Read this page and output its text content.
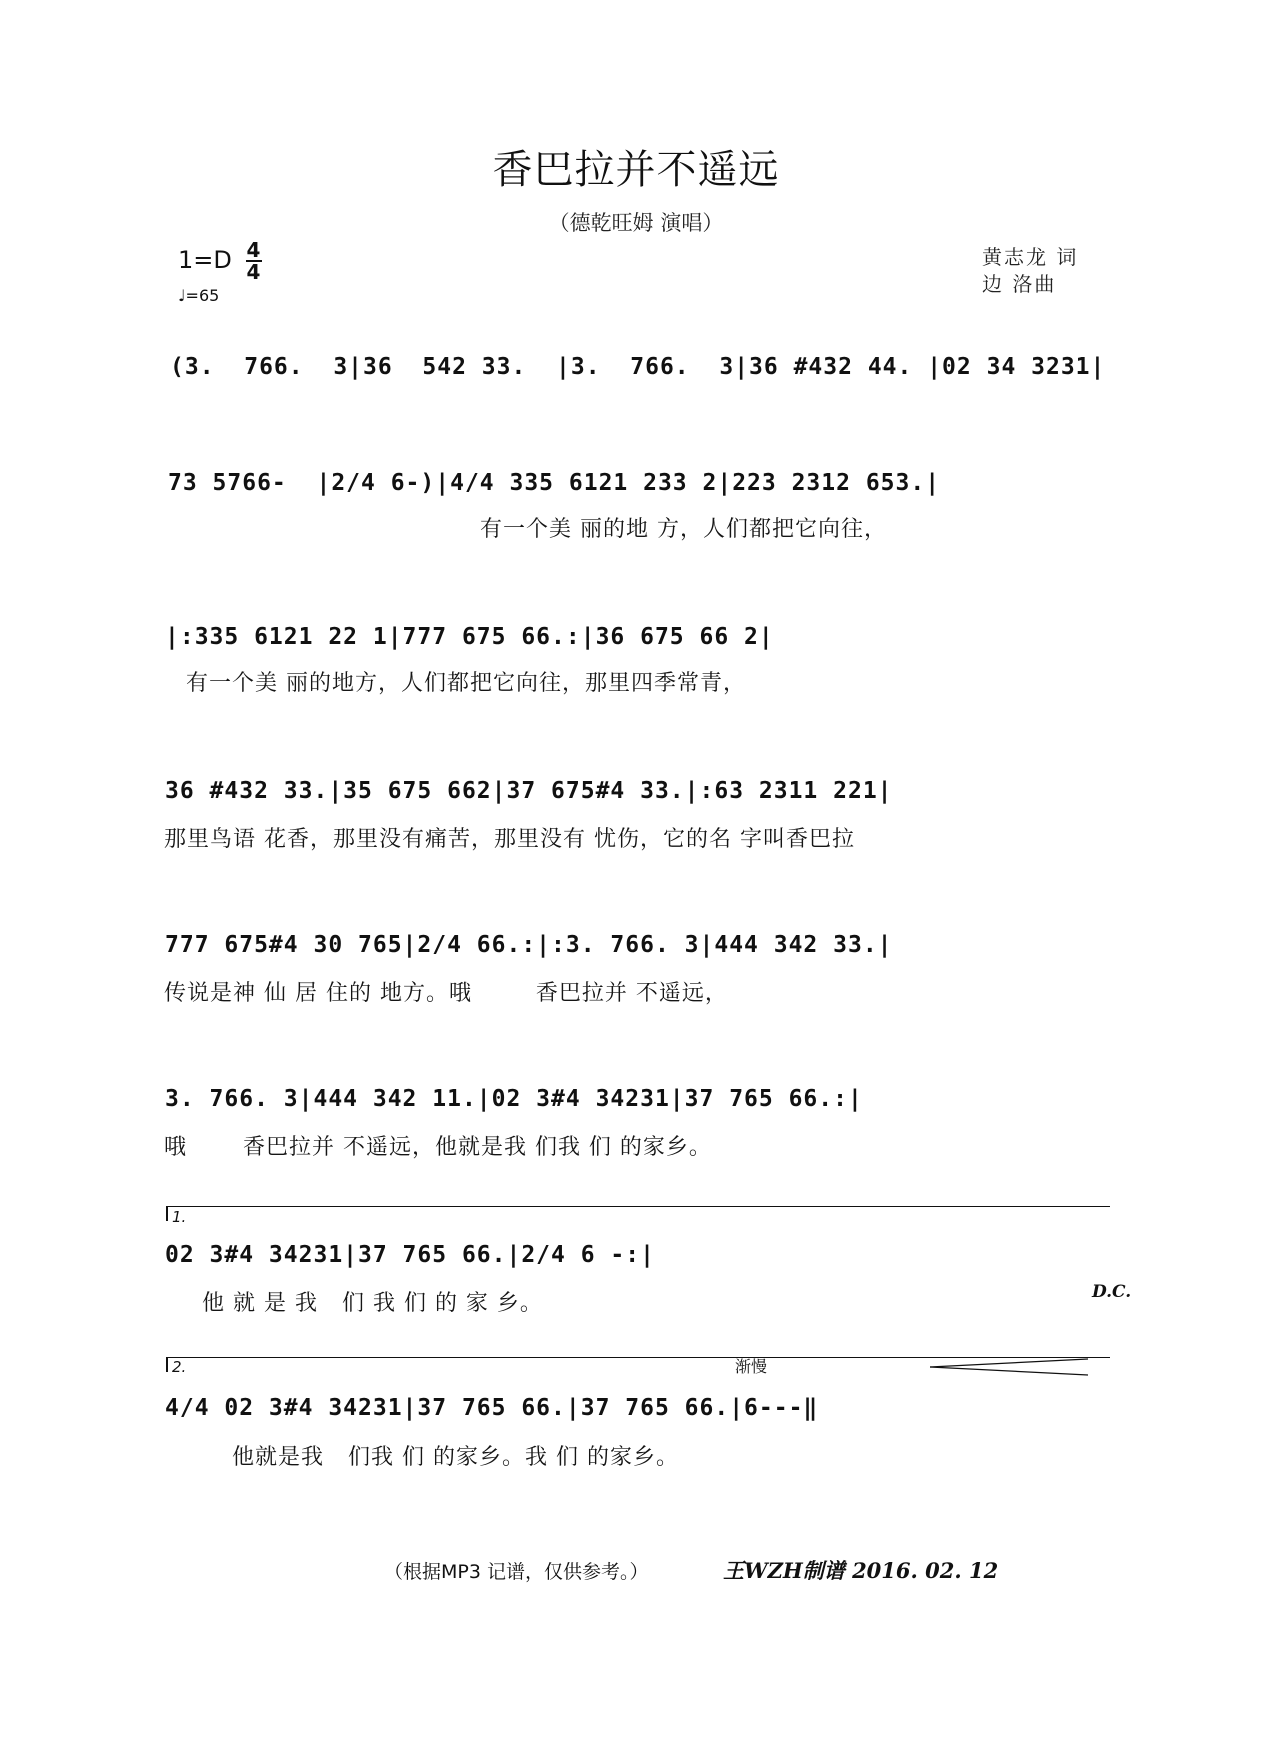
香巴拉并不遥远
（德乾旺姆 演唱）
$1=D \frac{4}{4}$
♩=65
黄志龙 词
边 洛曲
(3.  766.  3|36  542 33.  |3.  766.  3|36 #432 44. |02 34 3231|
73 5766-  |2/4 6-)|4/4 335 6121 233 2|223 2312 653.|
有一个美 丽的地 方，人们都把它向往，
|:335 6121 22 1|777 675 66.:|36 675 66 2|
有一个美 丽的地方，人们都把它向往，那里四季常青，
36 #432 33.|35 675 662|37 675#4 33.|:63 2311 221|
那里鸟语 花香，那里没有痛苦，那里没有 忧伤，它的名 字叫香巴拉
777 675#4 30 765|2/4 66.:|:3. 766. 3|444 342 33.|
传说是神 仙 居 住的 地方。哦        香巴拉并 不遥远，
3. 766. 3|444 342 11.|02 3#4 34231|37 765 66.:|
哦       香巴拉并 不遥远，他就是我 们我 们 的家乡。
1.
02 3#4 34231|37 765 66.|2/4 6 -:|
他 就 是 我   们 我 们 的 家 乡。	D.C.
2.	渐慢
4/4 02 3#4 34231|37 765 66.|37 765 66.|6---‖
他就是我   们我 们 的家乡。我 们 的家乡。
（根据MP3 记谱，仅供参考。）	王WZH制谱 2016. 02. 12
